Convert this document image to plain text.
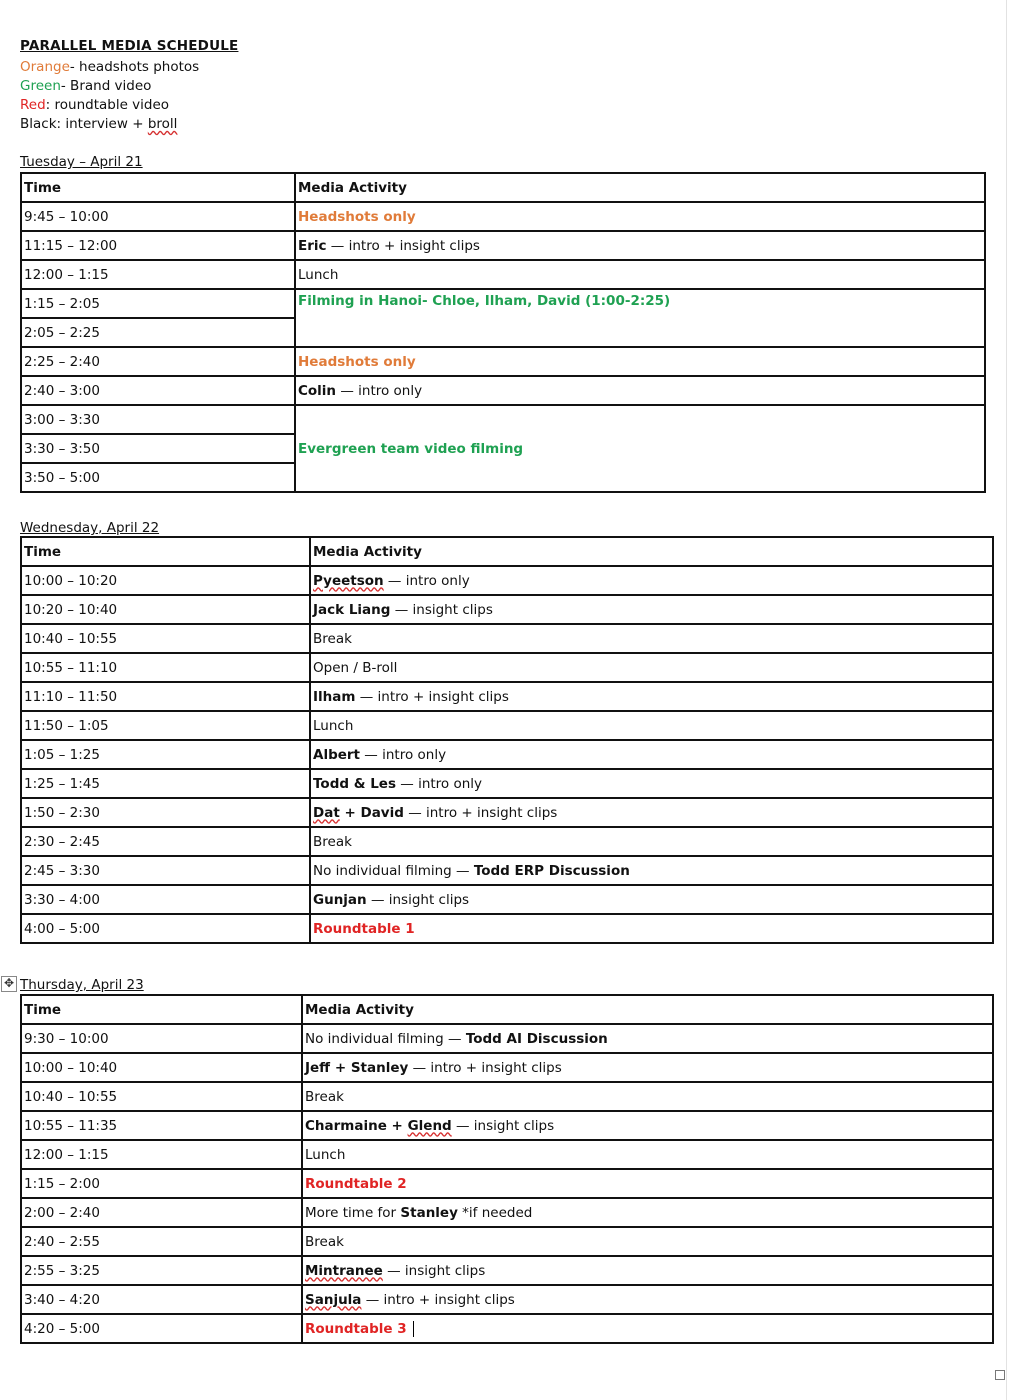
PARALLEL MEDIA SCHEDULE
Orange- headshots photos
Green- Brand video
Red: roundtable video
Black: interview + broll
Tuesday – April 21
Time	Media Activity
9:45 – 10:00	Headshots only
11:15 – 12:00	Eric — intro + insight clips
12:00 – 1:15	Lunch
1:15 – 2:05	Filming in Hanoi- Chloe, Ilham, David (1:00-2:25)
2:05 – 2:25	
2:25 – 2:40	Headshots only
2:40 – 3:00	Colin — intro only
3:00 – 3:30	Evergreen team video filming
3:30 – 3:50	
3:50 – 5:00	
Wednesday, April 22
Time	Media Activity
10:00 – 10:20	Pyeetson — intro only
10:20 – 10:40	Jack Liang — insight clips
10:40 – 10:55	Break
10:55 – 11:10	Open / B-roll
11:10 – 11:50	Ilham — intro + insight clips
11:50 – 1:05	Lunch
1:05 – 1:25	Albert — intro only
1:25 – 1:45	Todd & Les — intro only
1:50 – 2:30	Dat + David — intro + insight clips
2:30 – 2:45	Break
2:45 – 3:30	No individual filming — Todd ERP Discussion
3:30 – 4:00	Gunjan — insight clips
4:00 – 5:00	Roundtable 1
✥ Thursday, April 23
Time	Media Activity
9:30 – 10:00	No individual filming — Todd AI Discussion
10:00 – 10:40	Jeff + Stanley — intro + insight clips
10:40 – 10:55	Break
10:55 – 11:35	Charmaine + Glend — insight clips
12:00 – 1:15	Lunch
1:15 – 2:00	Roundtable 2
2:00 – 2:40	More time for Stanley *if needed
2:40 – 2:55	Break
2:55 – 3:25	Mintranee — insight clips
3:40 – 4:20	Sanjula — intro + insight clips
4:20 – 5:00	Roundtable 3
